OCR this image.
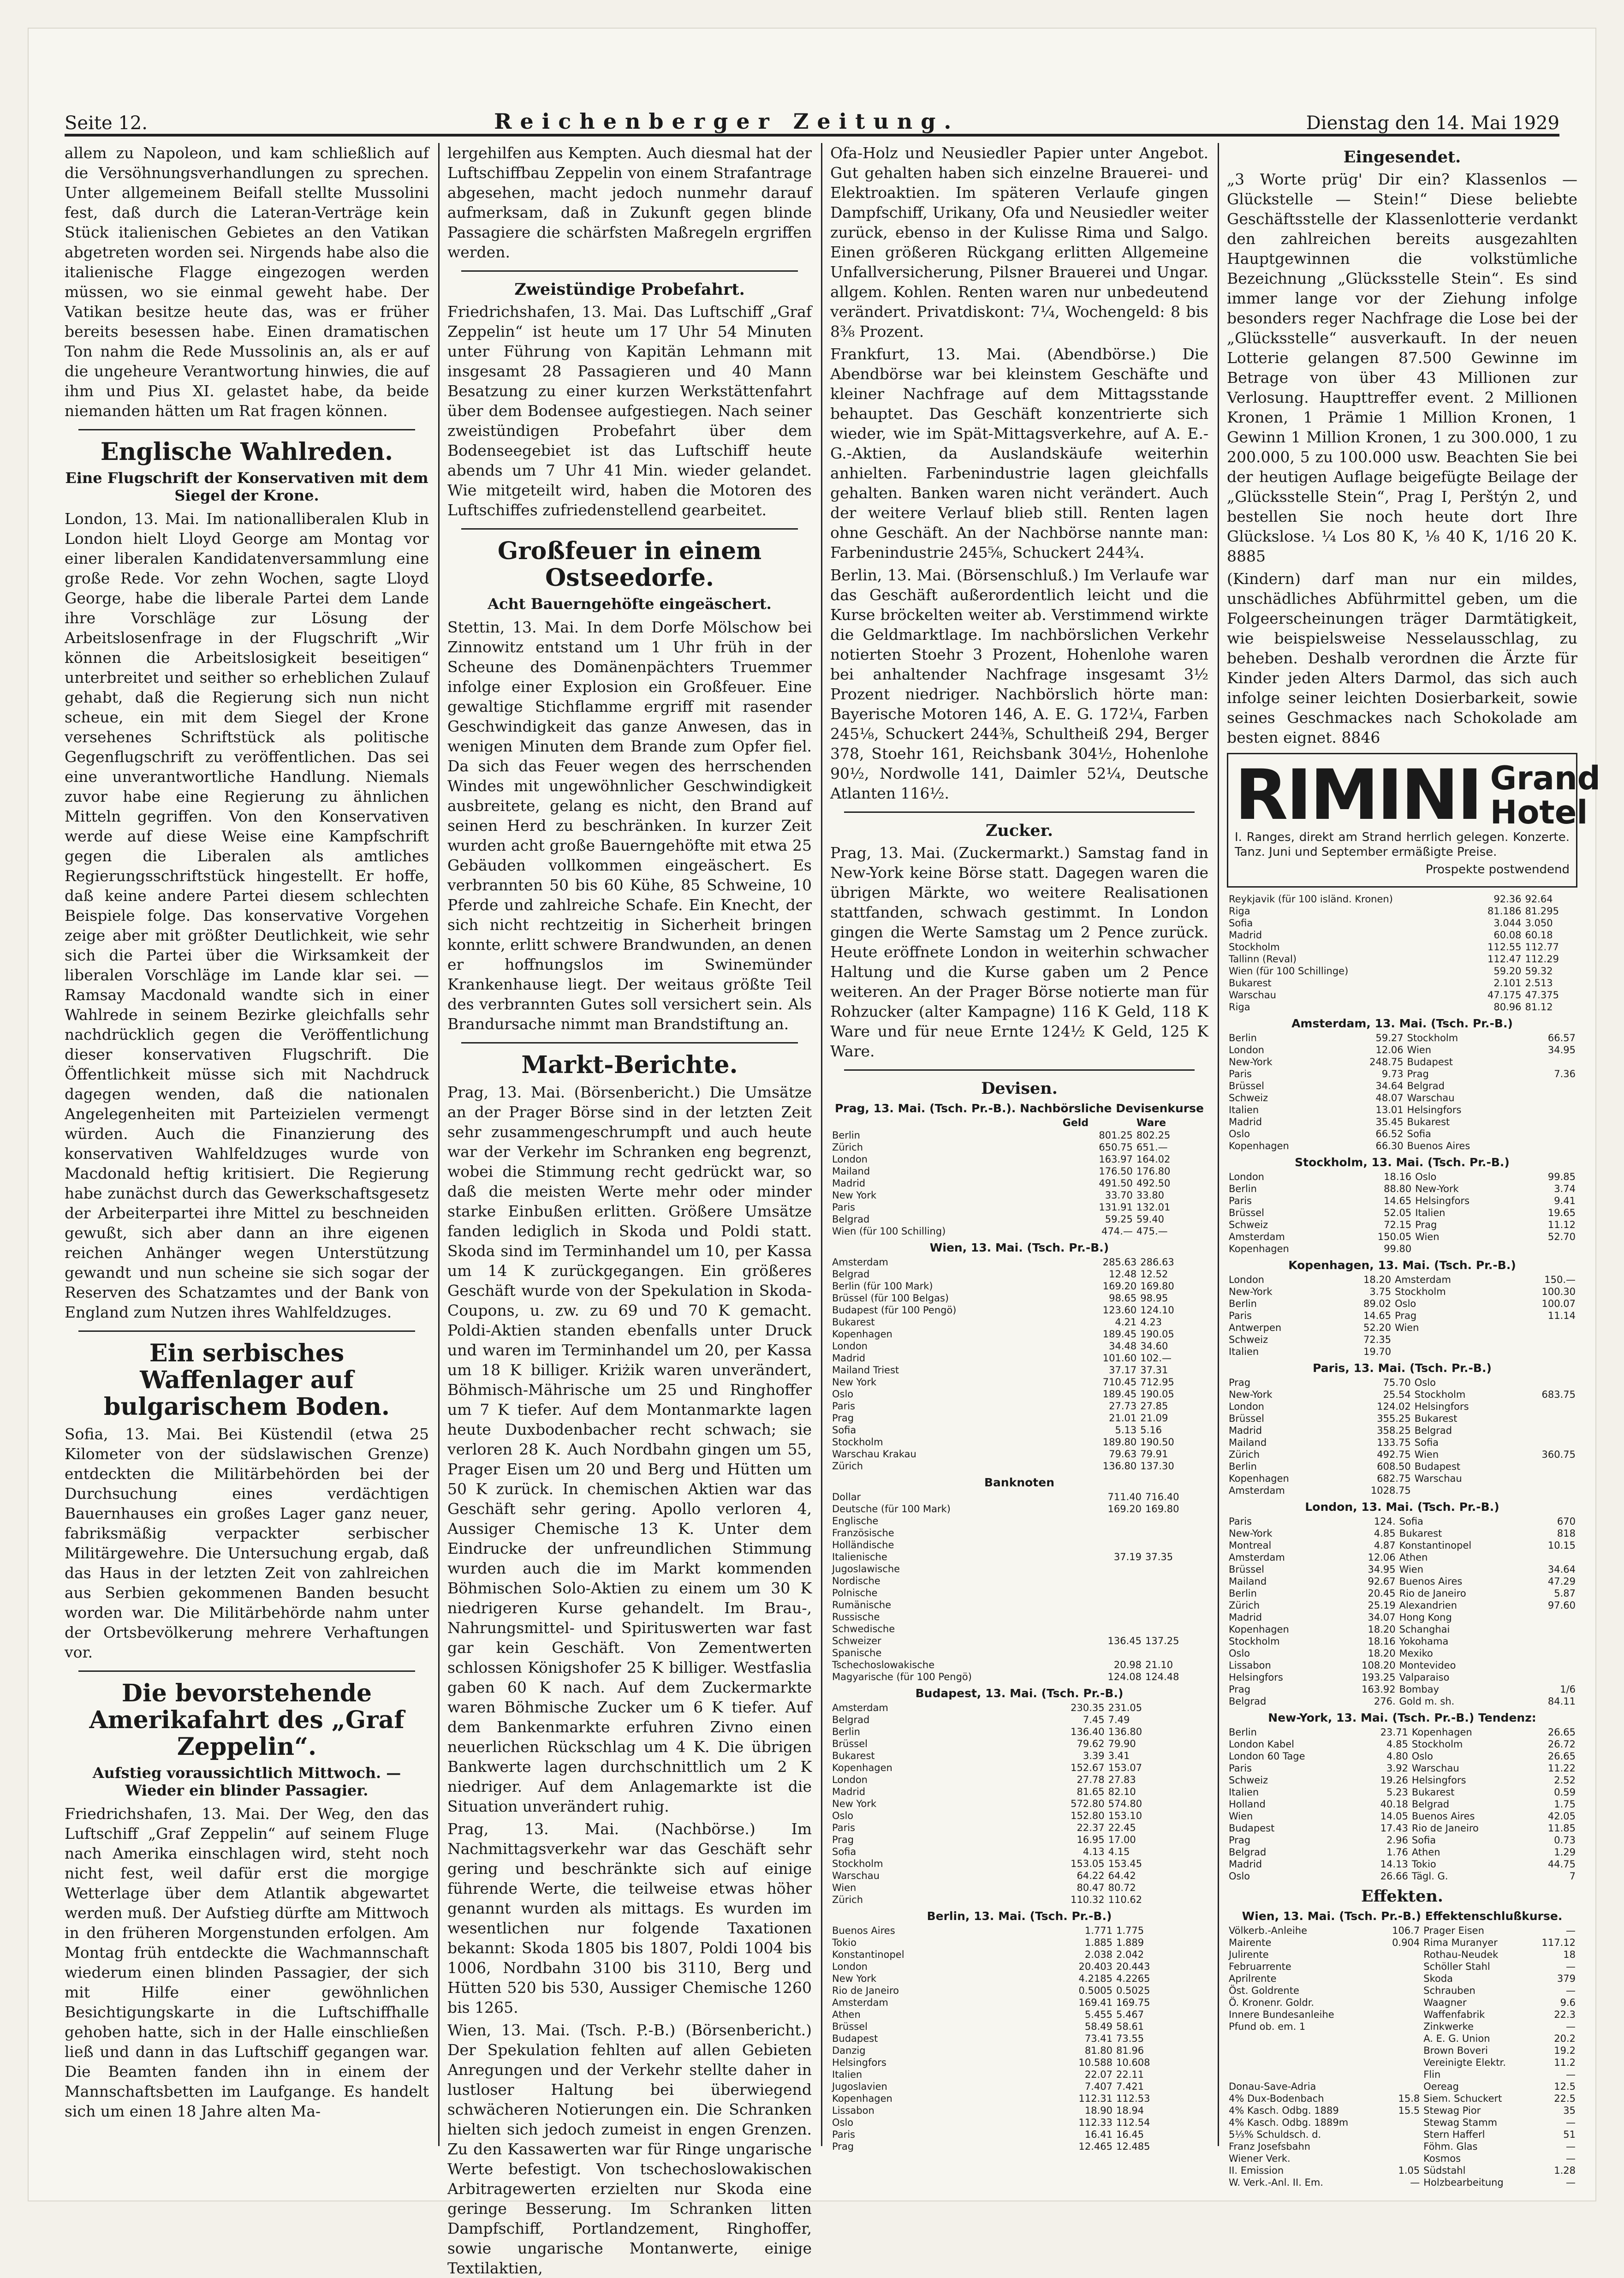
Seite 12.	Reichenberger Zeitung.	Dienstag den 14. Mai 1929

allem zu Napoleon, und kam schließlich auf die Versöhnungsverhandlungen zu sprechen. Unter allgemeinem Beifall stellte Mussolini fest, daß durch die Lateran-Verträge kein Stück italienischen Gebietes an den Vatikan abgetreten worden sei. Nirgends habe also die italienische Flagge eingezogen werden müssen, wo sie einmal geweht habe. Der Vatikan besitze heute das, was er früher bereits besessen habe. Einen dramatischen Ton nahm die Rede Mussolinis an, als er auf die ungeheure Verantwortung hinwies, die auf ihm und Pius XI. gelastet habe, da beide niemanden hätten um Rat fragen können.

Englische Wahlreden.
Eine Flugschrift der Konservativen mit dem Siegel der Krone.

London, 13. Mai. Im nationalliberalen Klub in London hielt Lloyd George am Montag vor einer liberalen Kandidatenversammlung eine große Rede. Vor zehn Wochen, sagte Lloyd George, habe die liberale Partei dem Lande ihre Vorschläge zur Lösung der Arbeitslosenfrage in der Flugschrift „Wir können die Arbeitslosigkeit beseitigen“ unterbreitet und seither so erheblichen Zulauf gehabt, daß die Regierung sich nun nicht scheue, ein mit dem Siegel der Krone versehenes Schriftstück als politische Gegenflugschrift zu veröffentlichen. Das sei eine unverantwortliche Handlung. Niemals zuvor habe eine Regierung zu ähnlichen Mitteln gegriffen. Von den Konservativen werde auf diese Weise eine Kampfschrift gegen die Liberalen als amtliches Regierungsschriftstück hingestellt. Er hoffe, daß keine andere Partei diesem schlechten Beispiele folge. Das konservative Vorgehen zeige aber mit größter Deutlichkeit, wie sehr sich die Partei über die Wirksamkeit der liberalen Vorschläge im Lande klar sei. — Ramsay Macdonald wandte sich in einer Wahlrede in seinem Bezirke gleichfalls sehr nachdrücklich gegen die Veröffentlichung dieser konservativen Flugschrift. Die Öffentlichkeit müsse sich mit Nachdruck dagegen wenden, daß die nationalen Angelegenheiten mit Parteizielen vermengt würden. Auch die Finanzierung des konservativen Wahlfeldzuges wurde von Macdonald heftig kritisiert. Die Regierung habe zunächst durch das Gewerkschaftsgesetz der Arbeiterpartei ihre Mittel zu beschneiden gewußt, sich aber dann an ihre eigenen reichen Anhänger wegen Unterstützung gewandt und nun scheine sie sich sogar der Reserven des Schatzamtes und der Bank von England zum Nutzen ihres Wahlfeldzuges.

Ein serbisches Waffenlager auf bulgarischem Boden.

Sofia, 13. Mai. Bei Küstendil (etwa 25 Kilometer von der südslawischen Grenze) entdeckten die Militärbehörden bei der Durchsuchung eines verdächtigen Bauernhauses ein großes Lager ganz neuer, fabriksmäßig verpackter serbischer Militärgewehre. Die Untersuchung ergab, daß das Haus in der letzten Zeit von zahlreichen aus Serbien gekommenen Banden besucht worden war. Die Militärbehörde nahm unter der Ortsbevölkerung mehrere Verhaftungen vor.

Die bevorstehende Amerikafahrt des „Graf Zeppelin“.
Aufstieg voraussichtlich Mittwoch. — Wieder ein blinder Passagier.

Friedrichshafen, 13. Mai. Der Weg, den das Luftschiff „Graf Zeppelin“ auf seinem Fluge nach Amerika einschlagen wird, steht noch nicht fest, weil dafür erst die morgige Wetterlage über dem Atlantik abgewartet werden muß. Der Aufstieg dürfte am Mittwoch in den früheren Morgenstunden erfolgen. Am Montag früh entdeckte die Wachmannschaft wiederum einen blinden Passagier, der sich mit Hilfe einer gewöhnlichen Besichtigungskarte in die Luftschiffhalle gehoben hatte, sich in der Halle einschließen ließ und dann in das Luftschiff gegangen war. Die Beamten fanden ihn in einem der Mannschaftsbetten im Laufgange. Es handelt sich um einen 18 Jahre alten Ma-

lergehilfen aus Kempten. Auch diesmal hat der Luftschiffbau Zeppelin von einem Strafantrage abgesehen, macht jedoch nunmehr darauf aufmerksam, daß in Zukunft gegen blinde Passagiere die schärfsten Maßregeln ergriffen werden.

Zweistündige Probefahrt.

Friedrichshafen, 13. Mai. Das Luftschiff „Graf Zeppelin“ ist heute um 17 Uhr 54 Minuten unter Führung von Kapitän Lehmann mit insgesamt 28 Passagieren und 40 Mann Besatzung zu einer kurzen Werkstättenfahrt über dem Bodensee aufgestiegen. Nach seiner zweistündigen Probefahrt über dem Bodenseegebiet ist das Luftschiff heute abends um 7 Uhr 41 Min. wieder gelandet. Wie mitgeteilt wird, haben die Motoren des Luftschiffes zufriedenstellend gearbeitet.

Großfeuer in einem Ostseedorfe.
Acht Bauerngehöfte eingeäschert.

Stettin, 13. Mai. In dem Dorfe Mölschow bei Zinnowitz entstand um 1 Uhr früh in der Scheune des Domänenpächters Truemmer infolge einer Explosion ein Großfeuer. Eine gewaltige Stichflamme ergriff mit rasender Geschwindigkeit das ganze Anwesen, das in wenigen Minuten dem Brande zum Opfer fiel. Da sich das Feuer wegen des herrschenden Windes mit ungewöhnlicher Geschwindigkeit ausbreitete, gelang es nicht, den Brand auf seinen Herd zu beschränken. In kurzer Zeit wurden acht große Bauerngehöfte mit etwa 25 Gebäuden vollkommen eingeäschert. Es verbrannten 50 bis 60 Kühe, 85 Schweine, 10 Pferde und zahlreiche Schafe. Ein Knecht, der sich nicht rechtzeitig in Sicherheit bringen konnte, erlitt schwere Brandwunden, an denen er hoffnungslos im Swinemünder Krankenhause liegt. Der weitaus größte Teil des verbrannten Gutes soll versichert sein. Als Brandursache nimmt man Brandstiftung an.

Markt-Berichte.

Prag, 13. Mai. (Börsenbericht.) Die Umsätze an der Prager Börse sind in der letzten Zeit sehr zusammengeschrumpft und auch heute war der Verkehr im Schranken eng begrenzt, wobei die Stimmung recht gedrückt war, so daß die meisten Werte mehr oder minder starke Einbußen erlitten. Größere Umsätze fanden lediglich in Skoda und Poldi statt. Skoda sind im Terminhandel um 10, per Kassa um 14 K zurückgegangen. Ein größeres Geschäft wurde von der Spekulation in Skoda-Coupons, u. zw. zu 69 und 70 K gemacht. Poldi-Aktien standen ebenfalls unter Druck und waren im Terminhandel um 20, per Kassa um 18 K billiger. Kriżik waren unverändert, Böhmisch-Mährische um 25 und Ringhoffer um 7 K tiefer. Auf dem Montanmarkte lagen heute Duxbodenbacher recht schwach; sie verloren 28 K. Auch Nordbahn gingen um 55, Prager Eisen um 20 und Berg und Hütten um 50 K zurück. In chemischen Aktien war das Geschäft sehr gering. Apollo verloren 4, Aussiger Chemische 13 K. Unter dem Eindrucke der unfreundlichen Stimmung wurden auch die im Markt kommenden Böhmischen Solo-Aktien zu einem um 30 K niedrigeren Kurse gehandelt. Im Brau-, Nahrungsmittel- und Spirituswerten war fast gar kein Geschäft. Von Zementwerten schlossen Königshofer 25 K billiger. Westfaslia gaben 60 K nach. Auf dem Zuckermarkte waren Böhmische Zucker um 6 K tiefer. Auf dem Bankenmarkte erfuhren Zivno einen neuerlichen Rückschlag um 4 K. Die übrigen Bankwerte lagen durchschnittlich um 2 K niedriger. Auf dem Anlagemarkte ist die Situation unverändert ruhig.

Prag, 13. Mai. (Nachbörse.) Im Nachmittagsverkehr war das Geschäft sehr gering und beschränkte sich auf einige führende Werte, die teilweise etwas höher genannt wurden als mittags. Es wurden im wesentlichen nur folgende Taxationen bekannt: Skoda 1805 bis 1807, Poldi 1004 bis 1006, Nordbahn 3100 bis 3110, Berg und Hütten 520 bis 530, Aussiger Chemische 1260 bis 1265.

Wien, 13. Mai. (Tsch. P.-B.) (Börsenbericht.) Der Spekulation fehlten auf allen Gebieten Anregungen und der Verkehr stellte daher in lustloser Haltung bei überwiegend schwächeren Notierungen ein. Die Schranken hielten sich jedoch zumeist in engen Grenzen. Zu den Kassawerten war für Ringe ungarische Werte befestigt. Von tschechoslowakischen Arbitragewerten erzielten nur Skoda eine geringe Besserung. Im Schranken litten Dampfschiff, Portlandzement, Ringhoffer, sowie ungarische Montanwerte, einige Textilaktien,

Ofa-Holz und Neusiedler Papier unter Angebot. Gut gehalten haben sich einzelne Brauerei- und Elektroaktien. Im späteren Verlaufe gingen Dampfschiff, Urikany, Ofa und Neusiedler weiter zurück, ebenso in der Kulisse Rima und Salgo. Einen größeren Rückgang erlitten Allgemeine Unfallversicherung, Pilsner Brauerei und Ungar. allgem. Kohlen. Renten waren nur unbedeutend verändert. Privatdiskont: 7¼, Wochengeld: 8 bis 8⅜ Prozent.

Frankfurt, 13. Mai. (Abendbörse.) Die Abendbörse war bei kleinstem Geschäfte und kleiner Nachfrage auf dem Mittagsstande behauptet. Das Geschäft konzentrierte sich wieder, wie im Spät-Mittagsverkehre, auf A. E.-G.-Aktien, da Auslandskäufe weiterhin anhielten. Farbenindustrie lagen gleichfalls gehalten. Banken waren nicht verändert. Auch der weitere Verlauf blieb still. Renten lagen ohne Geschäft. An der Nachbörse nannte man: Farbenindustrie 245⅝, Schuckert 244¾.

Berlin, 13. Mai. (Börsenschluß.) Im Verlaufe war das Geschäft außerordentlich leicht und die Kurse bröckelten weiter ab. Verstimmend wirkte die Geldmarktlage. Im nachbörslichen Verkehr notierten Stoehr 3 Prozent, Hohenlohe waren bei anhaltender Nachfrage insgesamt 3½ Prozent niedriger. Nachbörslich hörte man: Bayerische Motoren 146, A. E. G. 172¼, Farben 245⅛, Schuckert 244⅜, Schultheiß 294, Berger 378, Stoehr 161, Reichsbank 304½, Hohenlohe 90½, Nordwolle 141, Daimler 52¼, Deutsche Atlanten 116½.

Zucker.

Prag, 13. Mai. (Zuckermarkt.) Samstag fand in New-York keine Börse statt. Dagegen waren die übrigen Märkte, wo weitere Realisationen stattfanden, schwach gestimmt. In London gingen die Werte Samstag um 2 Pence zurück. Heute eröffnete London in weiterhin schwacher Haltung und die Kurse gaben um 2 Pence weiteren. An der Prager Börse notierte man für Rohzucker (alter Kampagne) 116 K Geld, 118 K Ware und für neue Ernte 124½ K Geld, 125 K Ware.

Devisen.
Prag, 13. Mai. (Tsch. Pr.-B.). Nachbörsliche Devisenkurse
	Geld	Ware
Berlin	801.25	802.25
Zürich	650.75	651.—
London	163.97	164.02
Mailand	176.50	176.80
Madrid	491.50	492.50
New York	33.70	33.80
Paris	131.91	132.01
Belgrad	59.25	59.40
Wien (für 100 Schilling)	474.—	475.—
Wien, 13. Mai. (Tsch. Pr.-B.)
Amsterdam	285.63	286.63
Belgrad	12.48	12.52
Berlin (für 100 Mark)	169.20	169.80
Brüssel (für 100 Belgas)	98.65	98.95
Budapest (für 100 Pengö)	123.60	124.10
Bukarest	4.21	4.23
Kopenhagen	189.45	190.05
London	34.48	34.60
Madrid	101.60	102.—
Mailand Triest	37.17	37.31
New York	710.45	712.95
Oslo	189.45	190.05
Paris	27.73	27.85
Prag	21.01	21.09
Sofia	5.13	5.16
Stockholm	189.80	190.50
Warschau Krakau	79.63	79.91
Zürich	136.80	137.30
Banknoten
Dollar	711.40	716.40
Deutsche (für 100 Mark)	169.20	169.80
Englische		
Französische		
Holländische		
Italienische	37.19	37.35
Jugoslawische		
Nordische		
Polnische		
Rumänische		
Russische		
Schwedische		
Schweizer	136.45	137.25
Spanische		
Tschechoslowakische	20.98	21.10
Magyarische (für 100 Pengö)	124.08	124.48
Budapest, 13. Mai. (Tsch. Pr.-B.)
Amsterdam	230.35	231.05
Belgrad	7.45	7.49
Berlin	136.40	136.80
Brüssel	79.62	79.90
Bukarest	3.39	3.41
Kopenhagen	152.67	153.07
London	27.78	27.83
Madrid	81.65	82.10
New York	572.80	574.80
Oslo	152.80	153.10
Paris	22.37	22.45
Prag	16.95	17.00
Sofia	4.13	4.15
Stockholm	153.05	153.45
Warschau	64.22	64.42
Wien	80.47	80.72
Zürich	110.32	110.62
Berlin, 13. Mai. (Tsch. Pr.-B.)
Buenos Aires	1.771	1.775
Tokio	1.885	1.889
Konstantinopel	2.038	2.042
London	20.403	20.443
New York	4.2185	4.2265
Rio de Janeiro	0.5005	0.5025
Amsterdam	169.41	169.75
Athen	5.455	5.467
Brüssel	58.49	58.61
Budapest	73.41	73.55
Danzig	81.80	81.96
Helsingfors	10.588	10.608
Italien	22.07	22.11
Jugoslavien	7.407	7.421
Kopenhagen	112.31	112.53
Lissabon	18.90	18.94
Oslo	112.33	112.54
Paris	16.41	16.45
Prag	12.465	12.485
Eingesendet.

„3 Worte prüg' Dir ein? Klassenlos — Glückstelle — Stein!“ Diese beliebte Geschäftsstelle der Klassenlotterie verdankt den zahlreichen bereits ausgezahlten Hauptgewinnen die volkstümliche Bezeichnung „Glücksstelle Stein“. Es sind immer lange vor der Ziehung infolge besonders reger Nachfrage die Lose bei der „Glücksstelle“ ausverkauft. In der neuen Lotterie gelangen 87.500 Gewinne im Betrage von über 43 Millionen zur Verlosung. Haupttreffer event. 2 Millionen Kronen, 1 Prämie 1 Million Kronen, 1 Gewinn 1 Million Kronen, 1 zu 300.000, 1 zu 200.000, 5 zu 100.000 usw. Beachten Sie bei der heutigen Auflage beigefügte Beilage der „Glücksstelle Stein“, Prag I, Perštýn 2, und bestellen Sie noch heute dort Ihre Glückslose. ¼ Los 80 K, ⅛ 40 K, 1/16 20 K. 8885

(Kindern) darf man nur ein mildes, unschädliches Abführmittel geben, um die Folgeerscheinungen träger Darmtätigkeit, wie beispielsweise Nesselausschlag, zu beheben. Deshalb verordnen die Ärzte für Kinder jeden Alters Darmol, das sich auch infolge seiner leichten Dosierbarkeit, sowie seines Geschmackes nach Schokolade am besten eignet. 8846

RIMINI Grand
Hotel

I. Ranges, direkt am Strand herrlich gelegen. Konzerte. Tanz. Juni und September ermäßigte Preise.

Prospekte postwendend

Reykjavik (für 100 isländ. Kronen)	92.36	92.64
Riga	81.186	81.295
Sofia	3.044	3.050
Madrid	60.08	60.18
Stockholm	112.55	112.77
Tallinn (Reval)	112.47	112.29
Wien (für 100 Schillinge)	59.20	59.32
Bukarest	2.101	2.513
Warschau	47.175	47.375
Riga	80.96	81.12
Amsterdam, 13. Mai. (Tsch. Pr.-B.)
Berlin	59.27	Stockholm	66.57
London	12.06	Wien	34.95
New-York	248.75	Budapest	
Paris	9.73	Prag	7.36
Brüssel	34.64	Belgrad	
Schweiz	48.07	Warschau	
Italien	13.01	Helsingfors	
Madrid	35.45	Bukarest	
Oslo	66.52	Sofia	
Kopenhagen	66.30	Buenos Aires	
Stockholm, 13. Mai. (Tsch. Pr.-B.)
London	18.16	Oslo	99.85
Berlin	88.80	New-York	3.74
Paris	14.65	Helsingfors	9.41
Brüssel	52.05	Italien	19.65
Schweiz	72.15	Prag	11.12
Amsterdam	150.05	Wien	52.70
Kopenhagen	99.80		
Kopenhagen, 13. Mai. (Tsch. Pr.-B.)
London	18.20	Amsterdam	150.—
New-York	3.75	Stockholm	100.30
Berlin	89.02	Oslo	100.07
Paris	14.65	Prag	11.14
Antwerpen	52.20	Wien	
Schweiz	72.35		
Italien	19.70		
Paris, 13. Mai. (Tsch. Pr.-B.)
Prag	75.70	Oslo	
New-York	25.54	Stockholm	683.75
London	124.02	Helsingfors	
Brüssel	355.25	Bukarest	
Madrid	358.25	Belgrad	
Mailand	133.75	Sofia	
Zürich	492.75	Wien	360.75
Berlin	608.50	Budapest	
Kopenhagen	682.75	Warschau	
Amsterdam	1028.75		
London, 13. Mai. (Tsch. Pr.-B.)
Paris	124.	Sofia	670
New-York	4.85	Bukarest	818
Montreal	4.87	Konstantinopel	10.15
Amsterdam	12.06	Athen	
Brüssel	34.95	Wien	34.64
Mailand	92.67	Buenos Aires	47.29
Berlin	20.45	Rio de Janeiro	5.87
Zürich	25.19	Alexandrien	97.60
Madrid	34.07	Hong Kong	
Kopenhagen	18.20	Schanghai	
Stockholm	18.16	Yokohama	
Oslo	18.20	Mexiko	
Lissabon	108.20	Montevideo	
Helsingfors	193.25	Valparaiso	
Prag	163.92	Bombay	1/6
Belgrad	276.	Gold m. sh.	84.11
New-York, 13. Mai. (Tsch. Pr.-B.) Tendenz:
Berlin	23.71	Kopenhagen	26.65
London Kabel	4.85	Stockholm	26.72
London 60 Tage	4.80	Oslo	26.65
Paris	3.92	Warschau	11.22
Schweiz	19.26	Helsingfors	2.52
Italien	5.23	Bukarest	0.59
Holland	40.18	Belgrad	1.75
Wien	14.05	Buenos Aires	42.05
Budapest	17.43	Rio de Janeiro	11.85
Prag	2.96	Sofia	0.73
Belgrad	1.76	Athen	1.29
Madrid	14.13	Tokio	44.75
Oslo	26.66	Tägl. G.	7
Effekten.
Wien, 13. Mai. (Tsch. Pr.-B.) Effektenschlußkurse.
Völkerb.-Anleihe	106.7	Prager Eisen	—
Mairente	0.904	Rima Muranyer	117.12
Julirente		Rothau-Neudek	18
Februarrente		Schöller Stahl	—
Aprilrente		Skoda	379
Öst. Goldrente		Schrauben	—
Ö. Kronenr. Goldr.		Waagner	9.6
Innere Bundesanleihe		Waffenfabrik	22.3
Pfund ob. em. 1		Zinkwerke	—
		A. E. G. Union	20.2
		Brown Boveri	19.2
		Vereinigte Elektr.	11.2
		Flin	—
Donau-Save-Adria		Oereag	12.5
4% Dux-Bodenbach	15.8	Siem. Schuckert	22.5
4% Kasch. Odbg. 1889	15.5	Stewag Pior	35
4% Kasch. Odbg. 1889m		Stewag Stamm	—
5⅓% Schuldsch. d.		Stern Hafferl	51
Franz Josefsbahn		Föhm. Glas	—
Wiener Verk.		Kosmos	—
II. Emission	1.05	Südstahl	1.28
W. Verk.-Anl. II. Em.	—	Holzbearbeitung	—
